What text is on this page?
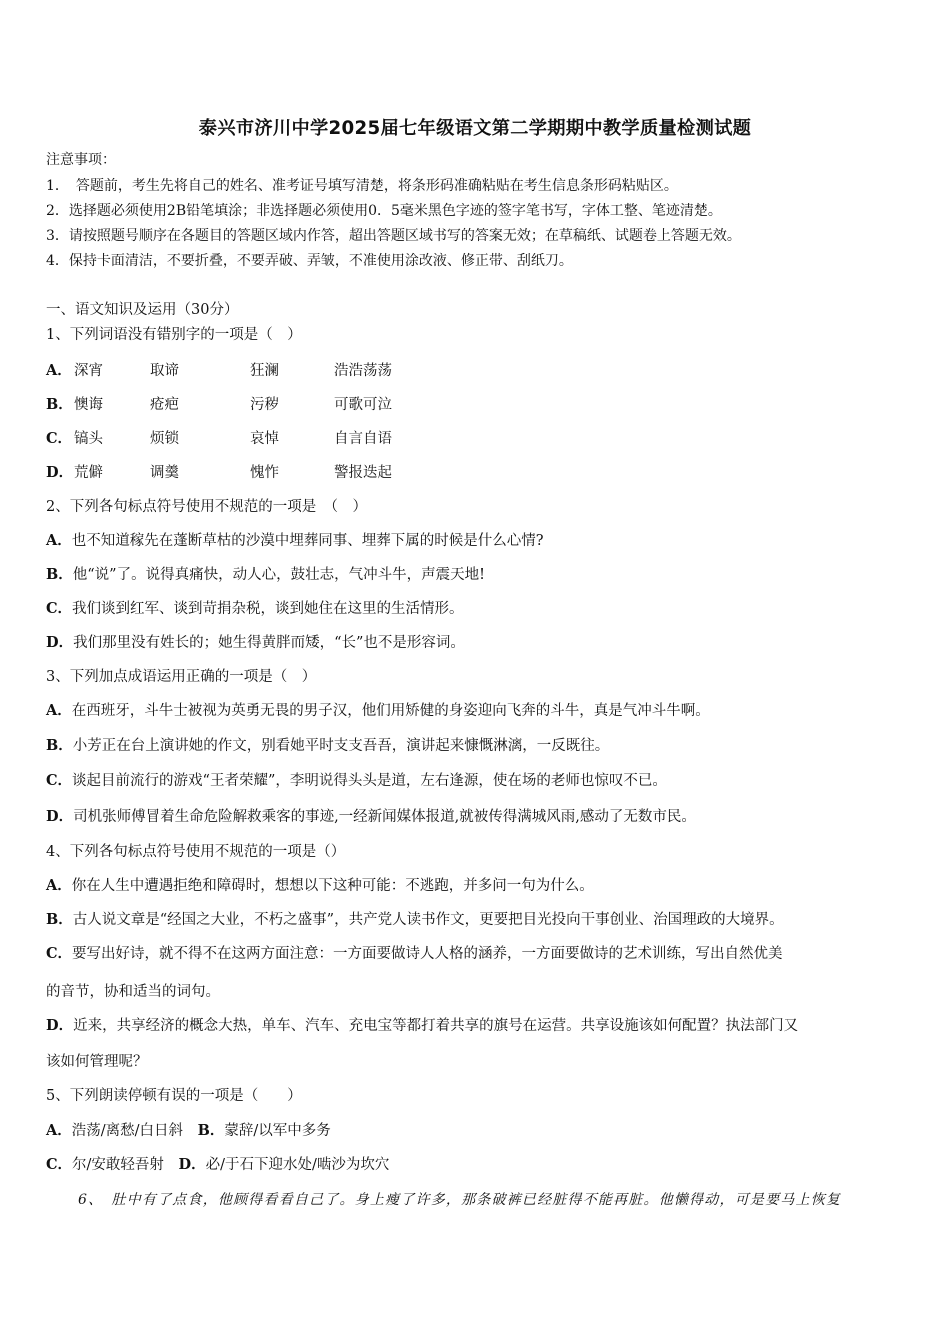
泰兴市济川中学2025届七年级语文第二学期期中教学质量检测试题
注意事项：
1．　答题前，考生先将自己的姓名、准考证号填写清楚，将条形码准确粘贴在考生信息条形码粘贴区。
2．选择题必须使用2B铅笔填涂；非选择题必须使用0．5毫米黑色字迹的签字笔书写，字体工整、笔迹清楚。
3．请按照题号顺序在各题目的答题区域内作答，超出答题区域书写的答案无效；在草稿纸、试题卷上答题无效。
4．保持卡面清洁，不要折叠，不要弄破、弄皱，不准使用涂改液、修正带、刮纸刀。
一、语文知识及运用（30分）
1、下列词语没有错别字的一项是（　）
A． 深宵	取谛	狂澜	浩浩荡荡
B． 懊诲	疮疤	污秽	可歌可泣
C． 镐头	烦锁	哀悼	自言自语
D． 荒僻	调羹	愧怍	警报迭起
2、下列各句标点符号使用不规范的一项是　（　）
A．也不知道稼先在蓬断草枯的沙漠中埋葬同事、埋葬下属的时候是什么心情?
B．他“说”了。说得真痛快，动人心，鼓壮志，气冲斗牛，声震天地!
C．我们谈到红军、谈到苛捐杂税，谈到她住在这里的生活情形。
D．我们那里没有姓长的；她生得黄胖而矮，“长”也不是形容词。
3、下列加点成语运用正确的一项是（　）
A．在西班牙，斗牛士被视为英勇无畏的男子汉，他们用矫健的身姿迎向飞奔的斗牛，真是气冲斗牛啊。
B．小芳正在台上演讲她的作文，别看她平时支支吾吾，演讲起来慷慨淋漓，一反既往。
C．谈起目前流行的游戏“王者荣耀”，李明说得头头是道，左右逢源，使在场的老师也惊叹不已。
D．司机张师傅冒着生命危险解救乘客的事迹,一经新闻媒体报道,就被传得满城风雨,感动了无数市民。
4、下列各句标点符号使用不规范的一项是（）
A．你在人生中遭遇拒绝和障碍时，想想以下这种可能：不逃跑，并多问一句为什么。
B．古人说文章是“经国之大业，不朽之盛事”，共产党人读书作文，更要把目光投向干事创业、治国理政的大境界。
C．要写出好诗，就不得不在这两方面注意：一方面要做诗人人格的涵养，一方面要做诗的艺术训练，写出自然优美
的音节，协和适当的词句。
D．近来，共享经济的概念大热，单车、汽车、充电宝等都打着共享的旗号在运营。共享设施该如何配置？执法部门又
该如何管理呢？
5、下列朗读停顿有误的一项是（　　）
A．浩荡/离愁/白日斜 B．蒙辞/以军中多务
C．尔/安敢轻吾射 D．必/于石下迎水处/啮沙为坎穴
6、　肚中有了点食，他顾得看看自己了。身上瘦了许多，那条破裤已经脏得不能再脏。他懒得动，可是要马上恢复
